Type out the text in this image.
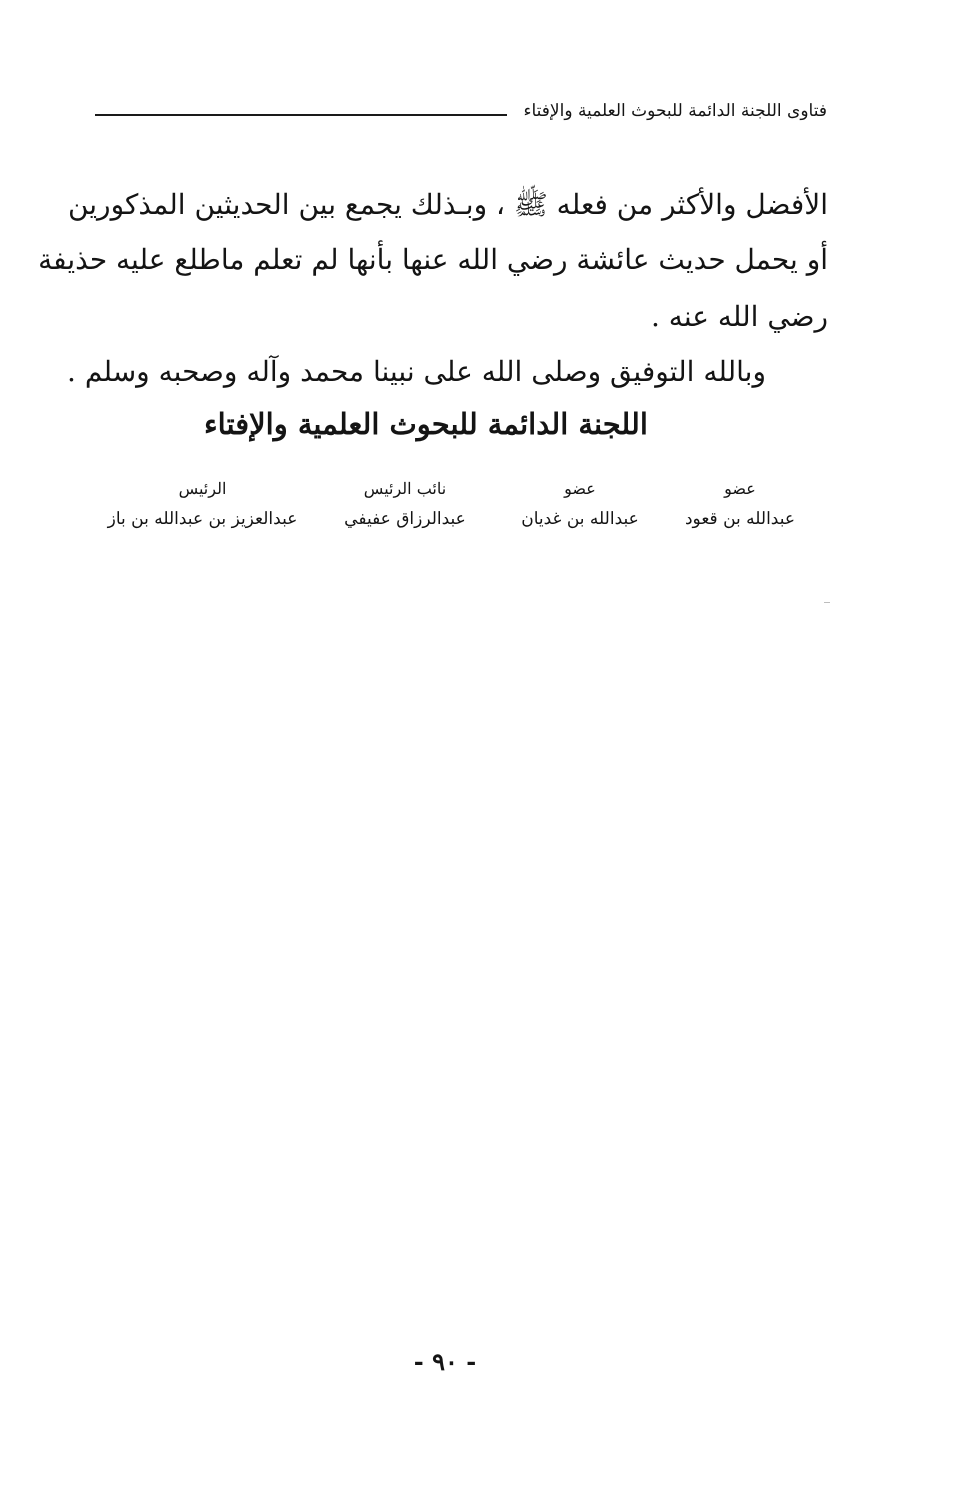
فتاوى اللجنة الدائمة للبحوث العلمية والإفتاء
الأفضل والأكثر من فعله ﷺ ، وبـذلك يجمع بين الحديثين المذكورين
أو يحمل حديث عائشة رضي الله عنها بأنها لم تعلم ماطلع عليه حذيفة
رضي الله عنه .
وبالله التوفيق وصلى الله على نبينا محمد وآله وصحبه وسلم .
اللجنة الدائمة للبحوث العلمية والإفتاء
عضو
عبدالله بن قعود
عضو
عبدالله بن غديان
نائب الرئيس
عبدالرزاق عفيفي
الرئيس
عبدالعزيز بن عبدالله بن باز
- ٩٠ -
